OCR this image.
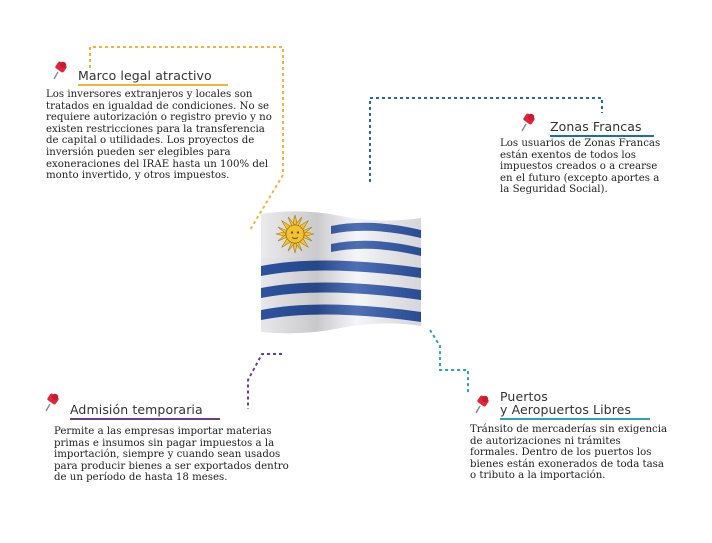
Marco legal atractivo

Los inversores extranjeros y locales son tratados en igualdad de condiciones. No se requiere autorización o registro previo y no existen restricciones para la transferencia de capital o utilidades. Los proyectos de inversión pueden ser elegibles para exoneraciones del IRAE hasta un 100% del monto invertido, y otros impuestos.

Zonas Francas

Los usuarios de Zonas Francas están exentos de todos los impuestos creados o a crearse en el futuro (excepto aportes a la Seguridad Social).

Admisión temporaria

Permite a las empresas importar materias primas e insumos sin pagar impuestos a la importación, siempre y cuando sean usados para producir bienes a ser exportados dentro de un período de hasta 18 meses.

Puertos
y Aeropuertos Libres

Tránsito de mercaderías sin exigencia de autorizaciones ni trámites formales. Dentro de los puertos los bienes están exonerados de toda tasa o tributo a la importación.
